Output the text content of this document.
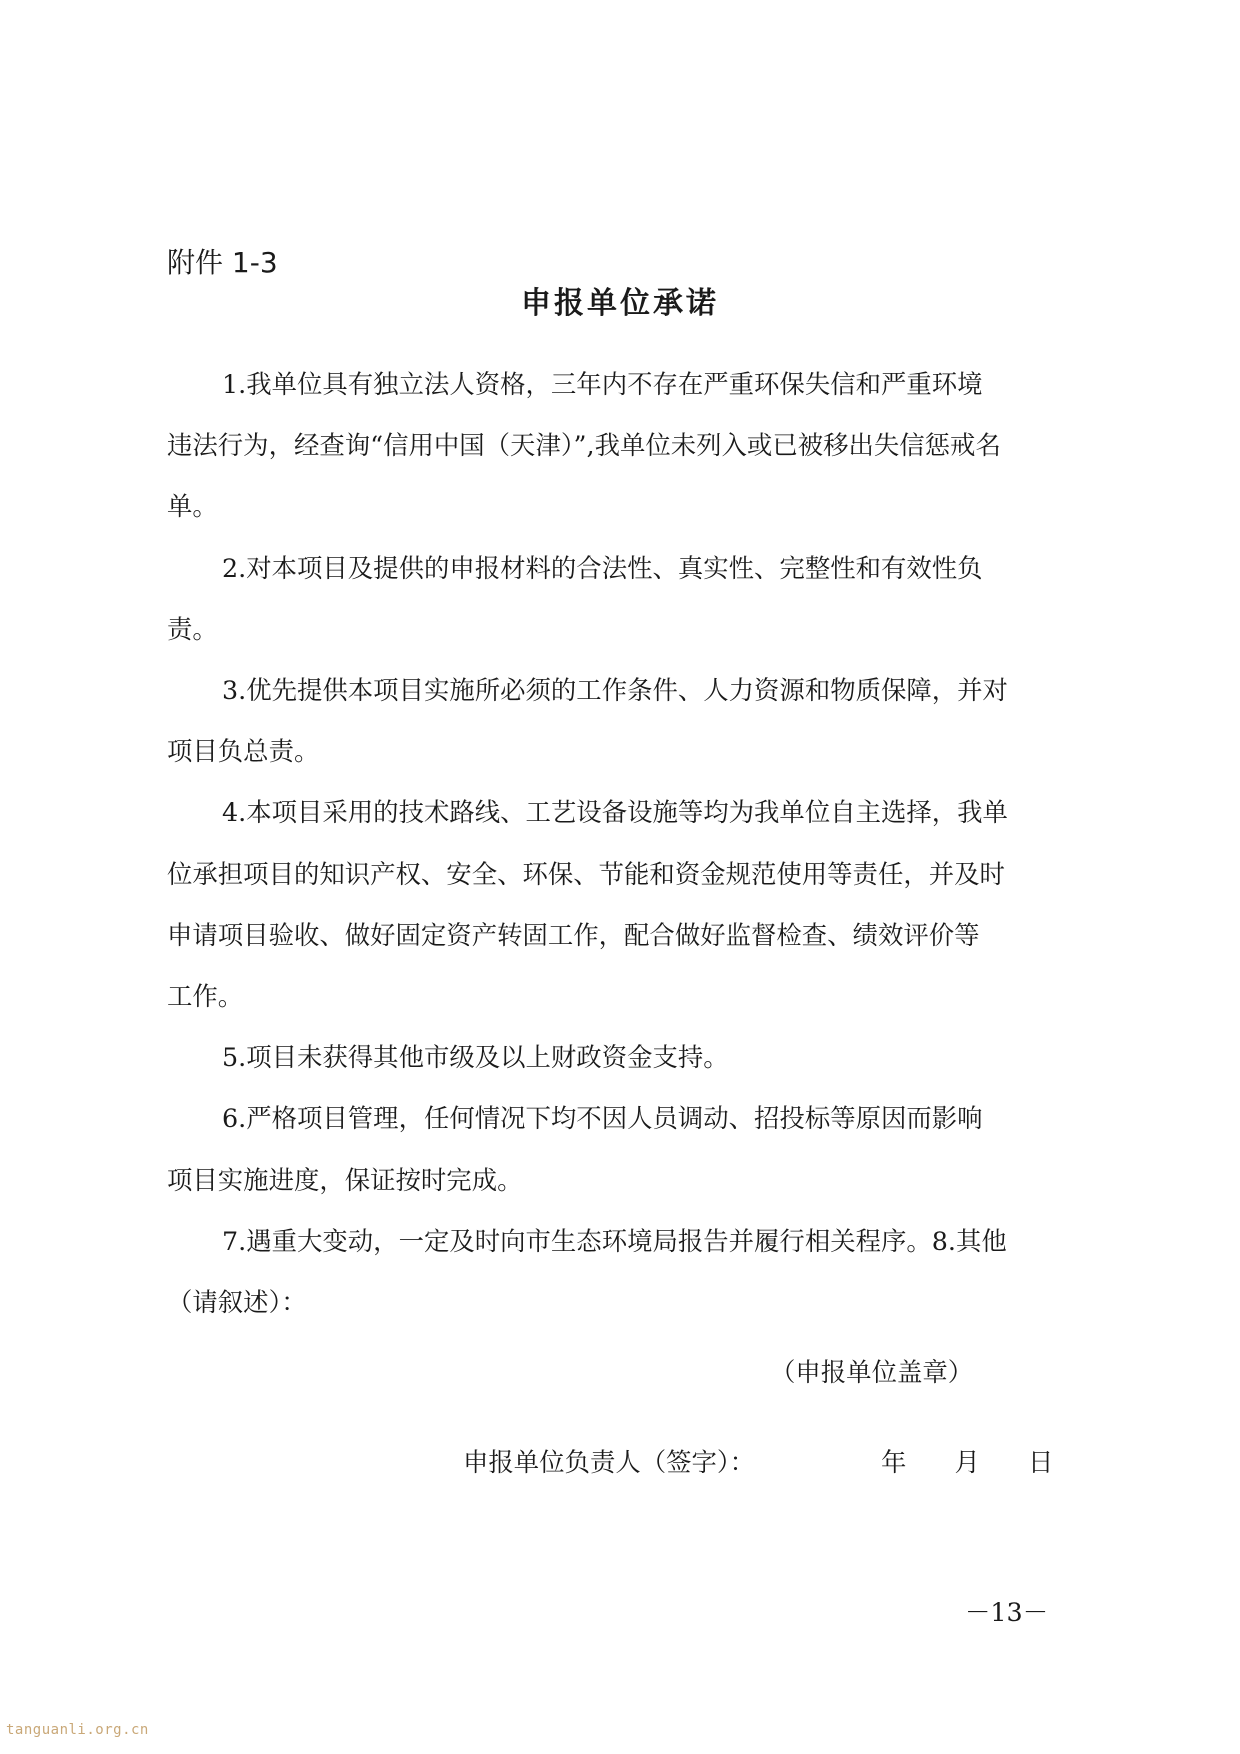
附件 1-3
申报单位承诺

1.我单位具有独立法人资格，三年内不存在严重环保失信和严重环境

违法行为，经查询“信用中国（天津）”,我单位未列入或已被移出失信惩戒名

单。

2.对本项目及提供的申报材料的合法性、真实性、完整性和有效性负

责。

3.优先提供本项目实施所必须的工作条件、人力资源和物质保障，并对

项目负总责。

4.本项目采用的技术路线、工艺设备设施等均为我单位自主选择，我单

位承担项目的知识产权、安全、环保、节能和资金规范使用等责任，并及时

申请项目验收、做好固定资产转固工作，配合做好监督检查、绩效评价等

工作。

5.项目未获得其他市级及以上财政资金支持。

6.严格项目管理，任何情况下均不因人员调动、招投标等原因而影响

项目实施进度，保证按时完成。

7.遇重大变动，一定及时向市生态环境局报告并履行相关程序。8.其他

（请叙述）：

（申报单位盖章）
申报单位负责人（签字）：	年 月 日
－13－
tanguanli.org.cn
